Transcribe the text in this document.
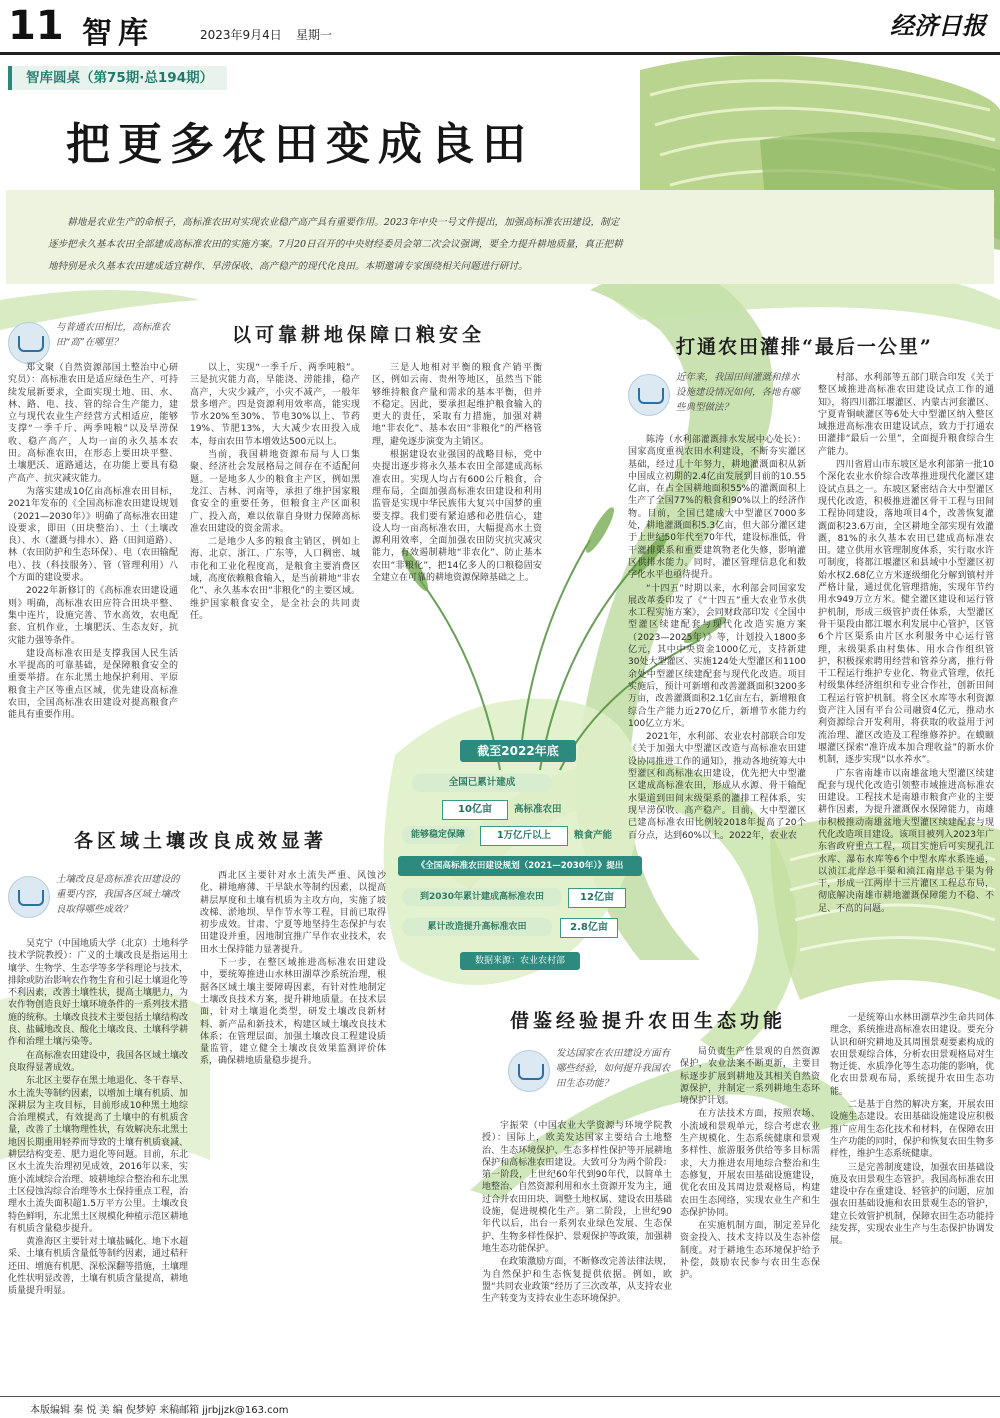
11 智库	2023年9月4日 星期一	经济日报
智库圆桌（第75期·总194期）
把更多农田变成良田
耕地是农业生产的命根子，高标准农田对实现农业稳产高产具有重要作用。2023年中央一号文件提出，加强高标准农田建设，制定逐步把永久基本农田全部建成高标准农田的实施方案。7月20日召开的中央财经委员会第二次会议强调，要全力提升耕地质量，真正把耕地特别是永久基本农田建成适宜耕作、旱涝保收、高产稳产的现代化良田。本期邀请专家围绕相关问题进行研讨。
以可靠耕地保障口粮安全
与普通农田相比，高标准农田“高”在哪里？

郑文聚（自然资源部国土整治中心研究员）：高标准农田是适应绿色生产、可持续发展新要求，全面实现土地、田、水、林、路、电、技、管的综合生产能力，建立与现代农业生产经营方式相适应，能够支撑“一季千斤、两季吨粮”以及旱涝保收、稳产高产，人均一亩的永久基本农田。高标准农田，在形态上要田块平整、土壤肥沃、道路通达，在功能上要具有稳产高产、抗灾减灾能力。

为落实建成10亿亩高标准农田目标，2021年发布的《全国高标准农田建设规划（2021—2030年）》明确了高标准农田建设要求，即田（田块整治）、土（土壤改良）、水（灌溉与排水）、路（田间道路）、林（农田防护和生态环保）、电（农田输配电）、技（科技服务）、管（管理利用）八个方面的建设要求。

2022年新修订的《高标准农田建设通则》明确，高标准农田应符合田块平整、集中连片，设施完善、节水高效，农电配套、宜机作业，土壤肥沃、生态友好，抗灾能力强等条件。

建设高标准农田是支撑我国人民生活水平提高的可靠基础，是保障粮食安全的重要举措。在东北黑土地保护利用、平原粮食主产区等重点区域，优先建设高标准农田，全国高标准农田建设对提高粮食产能具有重要作用。

以上，实现“一季千斤、两季吨粮”。三是抗灾能力高，旱能浇、涝能排，稳产高产，大灾少减产，小灾不减产，一般年景多增产。四是资源利用效率高，能实现节水20%至30%、节电30%以上、节药19%、节肥13%，大大减少农田投入成本，每亩农田节本增效达500元以上。

当前，我国耕地资源布局与人口集聚、经济社会发展格局之间存在不适配问题。一是地多人少的粮食主产区，例如黑龙江、吉林、河南等，承担了维护国家粮食安全的重要任务，但粮食主产区面积广、投入高，难以依靠自身财力保障高标准农田建设的资金需求。

二是地少人多的粮食主销区，例如上海、北京、浙江、广东等，人口稠密、城市化和工业化程度高，是粮食主要消费区域，高度依赖粮食输入，是当前耕地“非农化”、永久基本农田“非粮化”的主要区域。维护国家粮食安全，是全社会的共同责任。

三是人地相对平衡的粮食产销平衡区，例如云南、贵州等地区，虽然当下能够维持粮食产量和需求的基本平衡，但并不稳定。因此，要承担起维护粮食输入的更大的责任，采取有力措施，加强对耕地“非农化”、基本农田“非粮化”的严格管理，避免逐步演变为主销区。

根据建设农业强国的战略目标，党中央提出逐步将永久基本农田全部建成高标准农田。实现人均占有600公斤粮食，合理布局，全面加强高标准农田建设和利用监管是实现中华民族伟大复兴中国梦的重要支撑。我们要有紧迫感和必胜信心，建设人均一亩高标准农田，大幅提高水土资源利用效率，全面加强农田防灾抗灾减灾能力，有效遏制耕地“非农化”、防止基本农田“非粮化”，把14亿多人的口粮稳固安全建立在可靠的耕地资源保障基础之上。

打通农田灌排“最后一公里”
近年来，我国田间灌溉和排水设施建设情况如何，各地有哪些典型做法？

陈涛（水利部灌溉排水发展中心处长）：国家高度重视农田水利建设，不断夯实灌区基础，经过几十年努力，耕地灌溉面积从新中国成立初期的2.4亿亩发展到目前的10.55亿亩，在占全国耕地面积55%的灌溉面积上生产了全国77%的粮食和90%以上的经济作物。目前，全国已建成大中型灌区7000多处，耕地灌溉面积5.3亿亩，但大部分灌区建于上世纪50年代至70年代，建设标准低，骨干灌排渠系和重要建筑物老化失修，影响灌区供排水能力。同时，灌区管理信息化和数字化水平也亟待提升。

“十四五”时期以来，水利部会同国家发展改革委印发了《“十四五”重大农业节水供水工程实施方案》，会同财政部印发《全国中型灌区续建配套与现代化改造实施方案（2023—2025年）》等，计划投入1800多亿元，其中中央资金1000亿元，支持新建30处大型灌区、实施124处大型灌区和1100余处中型灌区续建配套与现代化改造。项目实施后，预计可新增和改善灌溉面积3200多万亩，改善灌溉面积2.1亿亩左右，新增粮食综合生产能力近270亿斤，新增节水能力约100亿立方米。

2021年，水利部、农业农村部联合印发《关于加强大中型灌区改造与高标准农田建设协同推进工作的通知》，推动各地统筹大中型灌区和高标准农田建设，优先把大中型灌区建成高标准农田，形成从水源、骨干输配水渠道到田间末级渠系的灌排工程体系，实现旱涝保收、高产稳产。目前，大中型灌区已建高标准农田比例较2018年提高了20个百分点，达到60%以上。2022年，农业农

村部、水利部等五部门联合印发《关于整区域推进高标准农田建设试点工作的通知》，将四川都江堰灌区、内蒙古河套灌区、宁夏青铜峡灌区等6处大中型灌区纳入整区域推进高标准农田建设试点，致力于打通农田灌排“最后一公里”，全面提升粮食综合生产能力。

四川省眉山市东坡区是水利部第一批10个深化农业水价综合改革推进现代化灌区建设试点县之一。东坡区紧密结合大中型灌区现代化改造，积极推进灌区骨干工程与田间工程协同建设，落地项目4个，改善恢复灌溉面积23.6万亩，全区耕地全部实现有效灌溉，81%的永久基本农田已建成高标准农田。建立供用水管理制度体系，实行取水许可制度，将都江堰灌区和县域中小型灌区初始水权2.68亿立方米逐级细化分解到镇村并严格计量，通过优化管理措施，实现年节约用水949万立方米。健全灌区建设和运行管护机制，形成三级管护责任体系，大型灌区骨干渠段由都江堰水利发展中心管护，区管6个片区渠系由片区水利服务中心运行管理，末级渠系由村集体、用水合作组织管护，积极探索聘用经营和管养分离，推行骨干工程运行维护专业化、物业式管理，依托村级集体经济组织和专业合作社，创新田间工程运行管护机制。将全区水库等水利资源资产注入国有平台公司融资4亿元，推动水利资源综合开发利用，将获取的收益用于河流治理、灌区改造及工程维修养护。在蟆颐堰灌区探索“准许成本加合理收益”的新水价机制，逐步实现“以水养水”。

广东省南雄市以南雄盆地大型灌区续建配套与现代化改造引领整市域推进高标准农田建设。工程技术是南雄市粮食产业的主要耕作因素，为提升灌溉保水保障能力，南雄市积极推动南雄盆地大型灌区续建配套与现代化改造项目建设。该项目被列入2023年广东省政府重点工程，项目实施后可实现孔江水库、瀑布水库等6个中型水库水系连通，以浈江北岸总干渠和浈江南岸总干渠为骨干，形成一江两岸十三片灌区工程总布局，彻底解决南雄市耕地灌溉保障能力不稳、不足、不高的问题。

截至2022年底
全国已累计建成
10亿亩	高标准农田
能够稳定保障	1万亿斤以上	粮食产能
《全国高标准农田建设规划（2021—2030年）》提出
到2030年累计建成高标准农田	12亿亩
累计改造提升高标准农田	2.8亿亩
数据来源：农业农村部
各区域土壤改良成效显著
土壤改良是高标准农田建设的重要内容，我国各区域土壤改良取得哪些成效？

吴克宁（中国地质大学（北京）土地科学技术学院教授）：广义的土壤改良是指运用土壤学、生物学、生态学等多学科理论与技术，排除或防治影响农作物生育和引起土壤退化等不利因素，改善土壤性状，提高土壤肥力，为农作物创造良好土壤环境条件的一系列技术措施的统称。土壤改良技术主要包括土壤结构改良、盐碱地改良、酸化土壤改良、土壤科学耕作和治理土壤污染等。

在高标准农田建设中，我国各区域土壤改良取得显著成效。

东北区主要存在黑土地退化、冬干春旱、水土流失等制约因素，以增加土壤有机质、加深耕层为主攻目标，目前形成10种黑土地综合治理模式，有效提高了土壤中的有机质含量，改善了土壤物理性状，有效解决东北黑土地因长期重用轻养而导致的土壤有机质衰减、耕层结构变差、肥力退化等问题。目前，东北区水土流失治理初见成效，2016年以来，实施小流域综合治理、坡耕地综合整治和东北黑土区侵蚀沟综合治理等水土保持重点工程，治理水土流失面积超1.5万平方公里。土壤改良特色鲜明，东北黑土区规模化种植示范区耕地有机质含量稳步提升。

黄淮海区主要针对土壤盐碱化、地下水超采、土壤有机质含量低等制约因素，通过秸秆还田、增施有机肥、深松深翻等措施，土壤理化性状明显改善，土壤有机质含量提高，耕地质量提升明显。

西北区主要针对水土流失严重、风蚀沙化、耕地瘠薄、干旱缺水等制约因素，以提高耕层厚度和土壤有机质为主攻方向，实施了坡改梯、淤地坝、旱作节水等工程，目前已取得初步成效。甘肃、宁夏等地坚持生态保护与农田建设并重，因地制宜推广旱作农业技术，农田水土保持能力显著提升。

下一步，在整区域推进高标准农田建设中，要统筹推进山水林田湖草沙系统治理，根据各区域土壤主要障碍因素，有针对性地制定土壤改良技术方案，提升耕地质量。在技术层面，针对土壤退化类型，研发土壤改良新材料、新产品和新技术，构建区域土壤改良技术体系；在管理层面，加强土壤改良工程建设质量监管，建立健全土壤改良效果监测评价体系，确保耕地质量稳步提升。

借鉴经验提升农田生态功能
发达国家在农田建设方面有哪些经验，如何提升我国农田生态功能？

宇振荣（中国农业大学资源与环境学院教授）：国际上，欧美发达国家主要结合土地整治、生态环境保护、生态多样性保护等开展耕地保护和高标准农田建设。大致可分为两个阶段：第一阶段，上世纪60年代到90年代，以简单土地整治、自然资源利用和水土资源开发为主，通过合并农田田块、调整土地权属、建设农田基础设施，促进规模化生产。第二阶段，上世纪90年代以后，出台一系列农业绿色发展、生态保护、生物多样性保护、景观保护等政策，加强耕地生态功能保护。

在政策激励方面，不断修改完善法律法规，为自然保护和生态恢复提供依据。例如，欧盟“共同农业政策”经历了三次改革，从支持农业生产转变为支持农业生态环境保护。

局负责生产性景观的自然资源保护，农业法案不断更新，主要目标逐步扩展到耕地及其相关自然资源保护，并制定一系列耕地生态环境保护计划。

在方法技术方面，按照农场、小流域和景观单元，综合考虑农业生产规模化、生态系统健康和景观多样性、旅游服务供给等多目标需求，大力推进农用地综合整治和生态修复，开展农田基础设施建设，优化农田及其周边景观格局，构建农田生态网络，实现农业生产和生态保护协同。

在实施机制方面，制定差异化资金投入、技术支持以及生态补偿制度。对于耕地生态环境保护给予补偿，鼓励农民参与农田生态保护。

一是统筹山水林田湖草沙生命共同体理念，系统推进高标准农田建设。要充分认识和研究耕地及其周围景观要素构成的农田景观综合体，分析农田景观格局对生物迁徙、水质净化等生态功能的影响，优化农田景观布局，系统提升农田生态功能。

二是基于自然的解决方案，开展农田设施生态建设。农田基础设施建设应积极推广应用生态化技术和材料，在保障农田生产功能的同时，保护和恢复农田生物多样性，维护生态系统健康。

三是完善制度建设，加强农田基础设施及农田景观生态管护。我国高标准农田建设中存在重建设、轻管护的问题，应加强农田基础设施和农田景观生态的管护，建立长效管护机制，保障农田生态功能持续发挥，实现农业生产与生态保护协调发展。

本版编辑 秦 悦 美 编 倪梦婷 来稿邮箱 jjrbjjzk@163.com
